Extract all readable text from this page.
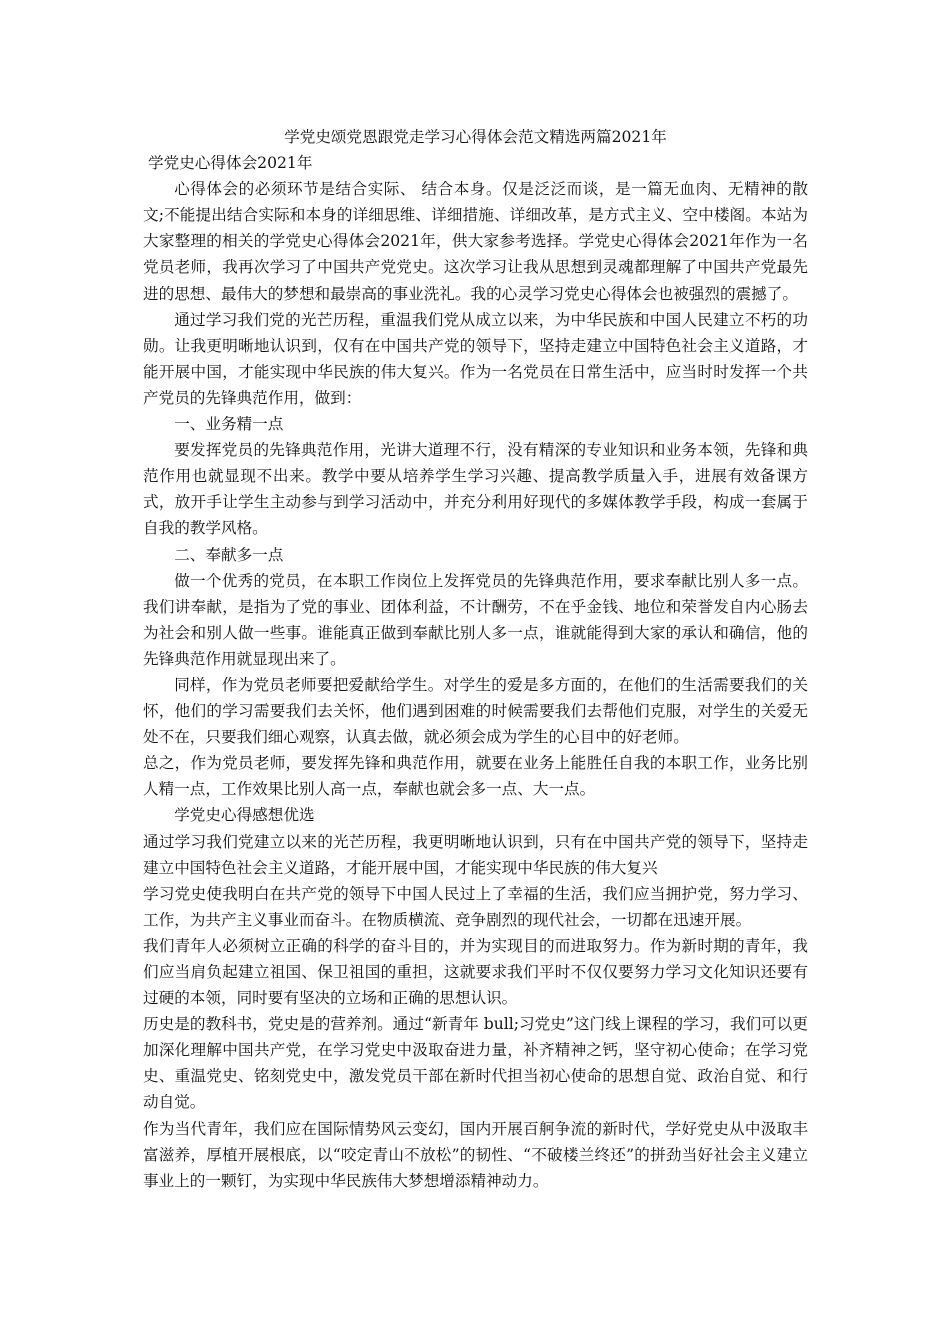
学党史颂党恩跟党走学习心得体会范文精选两篇2021年

学党史心得体会2021年

心得体会的必须环节是结合实际、 结合本身。仅是泛泛而谈，是一篇无血肉、无精神的散文;不能提出结合实际和本身的详细思维、详细措施、详细改革，是方式主义、空中楼阁。本站为大家整理的相关的学党史心得体会2021年，供大家参考选择。学党史心得体会2021年作为一名党员老师，我再次学习了中国共产党党史。这次学习让我从思想到灵魂都理解了中国共产党最先进的思想、最伟大的梦想和最崇高的事业洗礼。我的心灵学习党史心得体会也被强烈的震撼了。

通过学习我们党的光芒历程，重温我们党从成立以来，为中华民族和中国人民建立不朽的功勋。让我更明晰地认识到，仅有在中国共产党的领导下，坚持走建立中国特色社会主义道路，才能开展中国，才能实现中华民族的伟大复兴。作为一名党员在日常生活中，应当时时发挥一个共产党员的先锋典范作用，做到：

一、业务精一点

要发挥党员的先锋典范作用，光讲大道理不行，没有精深的专业知识和业务本领，先锋和典范作用也就显现不出来。教学中要从培养学生学习兴趣、提高教学质量入手，进展有效备课方式，放开手让学生主动参与到学习活动中，并充分利用好现代的多媒体教学手段，构成一套属于自我的教学风格。

二、奉献多一点

做一个优秀的党员，在本职工作岗位上发挥党员的先锋典范作用，要求奉献比别人多一点。我们讲奉献，是指为了党的事业、团体利益，不计酬劳，不在乎金钱、地位和荣誉发自内心肠去为社会和别人做一些事。谁能真正做到奉献比别人多一点，谁就能得到大家的承认和确信，他的先锋典范作用就显现出来了。

同样，作为党员老师要把爱献给学生。对学生的爱是多方面的，在他们的生活需要我们的关怀，他们的学习需要我们去关怀，他们遇到困难的时候需要我们去帮他们克服，对学生的关爱无处不在，只要我们细心观察，认真去做，就必须会成为学生的心目中的好老师。

总之，作为党员老师，要发挥先锋和典范作用，就要在业务上能胜任自我的本职工作，业务比别人精一点，工作效果比别人高一点，奉献也就会多一点、大一点。

学党史心得感想优选

通过学习我们党建立以来的光芒历程，我更明晰地认识到，只有在中国共产党的领导下，坚持走建立中国特色社会主义道路，才能开展中国，才能实现中华民族的伟大复兴

学习党史使我明白在共产党的领导下中国人民过上了幸福的生活，我们应当拥护党，努力学习、工作，为共产主义事业而奋斗。在物质横流、竞争剧烈的现代社会，一切都在迅速开展。

我们青年人必须树立正确的科学的奋斗目的，并为实现目的而进取努力。作为新时期的青年，我们应当肩负起建立祖国、保卫祖国的重担，这就要求我们平时不仅仅要努力学习文化知识还要有过硬的本领，同时要有坚决的立场和正确的思想认识。

历史是的教科书，党史是的营养剂。通过“新青年 bull;习党史”这门线上课程的学习，我们可以更加深化理解中国共产党，在学习党史中汲取奋进力量，补齐精神之钙，坚守初心使命；在学习党史、重温党史、铭刻党史中，激发党员干部在新时代担当初心使命的思想自觉、政治自觉、和行动自觉。

作为当代青年，我们应在国际情势风云变幻，国内开展百舸争流的新时代，学好党史从中汲取丰富滋养，厚植开展根底，以“咬定青山不放松”的韧性、“不破楼兰终还”的拼劲当好社会主义建立事业上的一颗钉，为实现中华民族伟大梦想增添精神动力。
